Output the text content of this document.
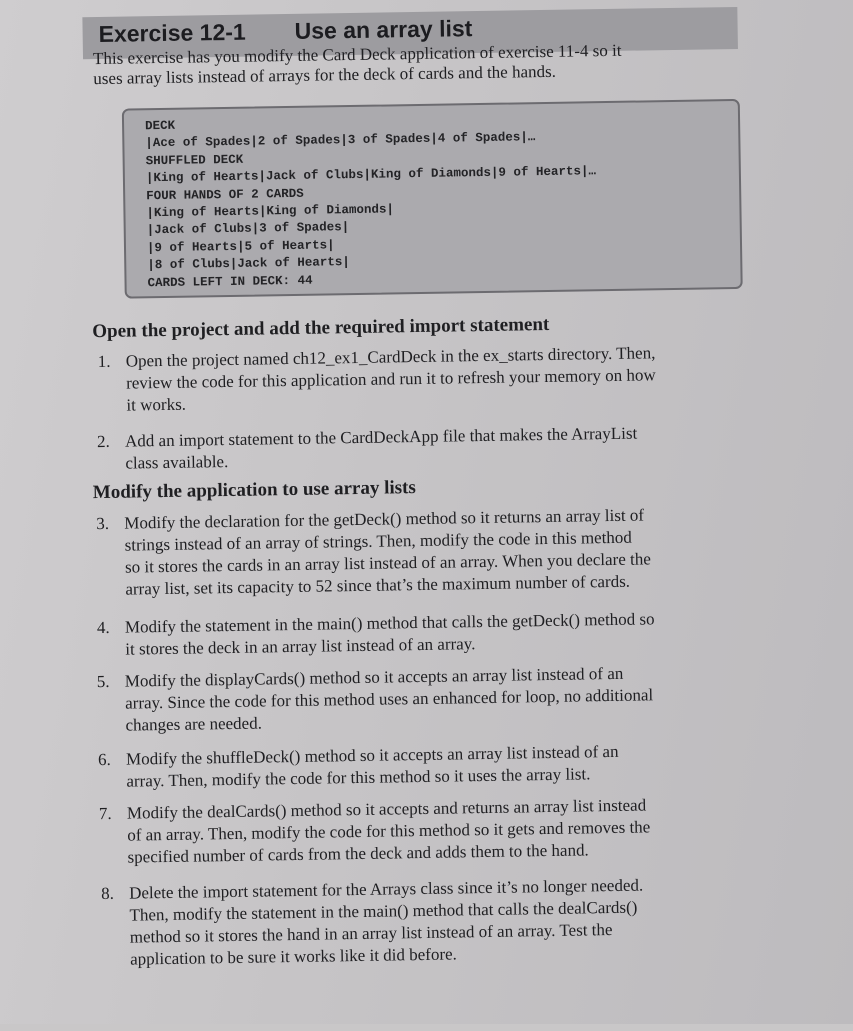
Exercise 12-1 Use an array list
This exercise has you modify the Card Deck application of exercise 11-4 so it
uses array lists instead of arrays for the deck of cards and the hands.
DECK
|Ace of Spades|2 of Spades|3 of Spades|4 of Spades|…
SHUFFLED DECK
|King of Hearts|Jack of Clubs|King of Diamonds|9 of Hearts|…
FOUR HANDS OF 2 CARDS
|King of Hearts|King of Diamonds|
|Jack of Clubs|3 of Spades|
|9 of Hearts|5 of Hearts|
|8 of Clubs|Jack of Hearts|
CARDS LEFT IN DECK: 44
Open the project and add the required import statement
1. Open the project named ch12_ex1_CardDeck in the ex_starts directory. Then,
review the code for this application and run it to refresh your memory on how
it works.
2. Add an import statement to the CardDeckApp file that makes the ArrayList
class available.
Modify the application to use array lists
3. Modify the declaration for the getDeck() method so it returns an array list of
strings instead of an array of strings. Then, modify the code in this method
so it stores the cards in an array list instead of an array. When you declare the
array list, set its capacity to 52 since that’s the maximum number of cards.
4. Modify the statement in the main() method that calls the getDeck() method so
it stores the deck in an array list instead of an array.
5. Modify the displayCards() method so it accepts an array list instead of an
array. Since the code for this method uses an enhanced for loop, no additional
changes are needed.
6. Modify the shuffleDeck() method so it accepts an array list instead of an
array. Then, modify the code for this method so it uses the array list.
7. Modify the dealCards() method so it accepts and returns an array list instead
of an array. Then, modify the code for this method so it gets and removes the
specified number of cards from the deck and adds them to the hand.
8. Delete the import statement for the Arrays class since it’s no longer needed.
Then, modify the statement in the main() method that calls the dealCards()
method so it stores the hand in an array list instead of an array. Test the
application to be sure it works like it did before.
